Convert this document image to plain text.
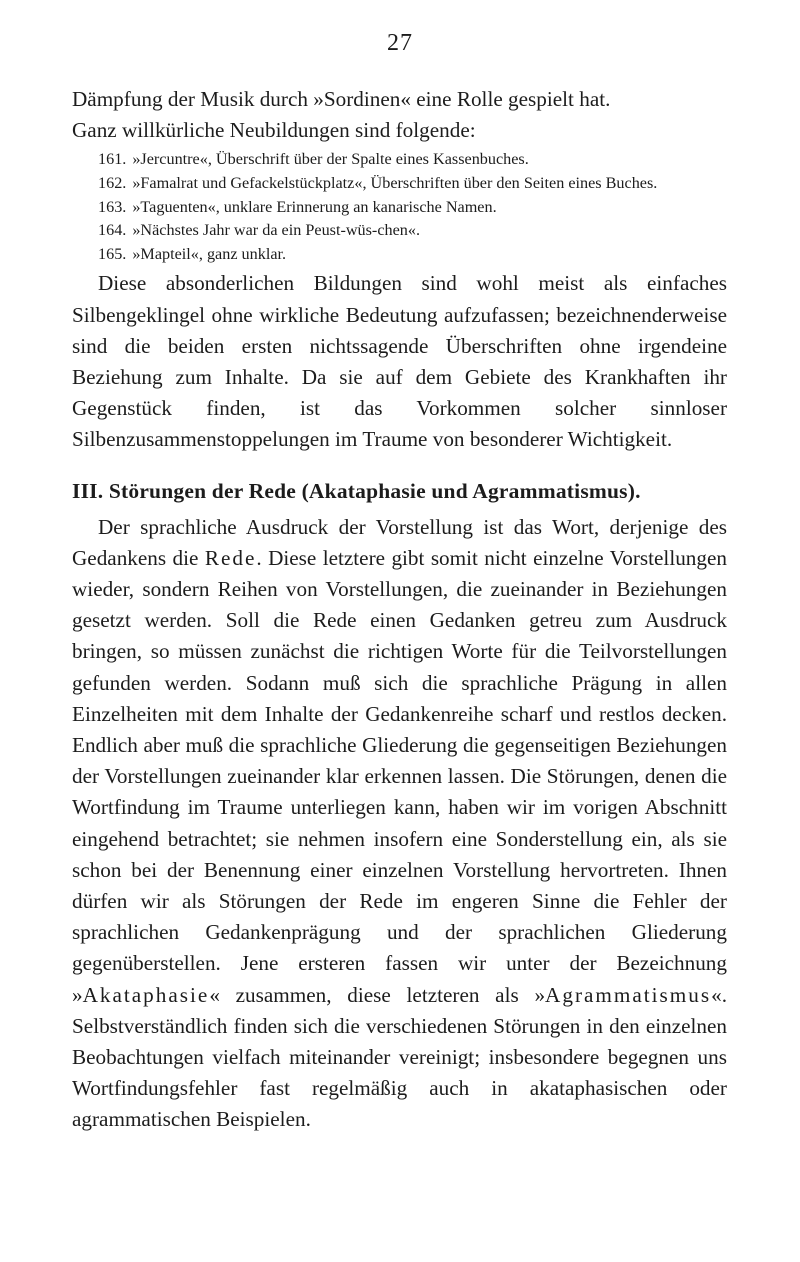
27

Dämpfung der Musik durch »Sordinen« eine Rolle gespielt hat.

Ganz willkürliche Neubildungen sind folgende:

161. »Jercuntre«, Überschrift über der Spalte eines Kassenbuches.

162. »Famalrat und Gefackelstückplatz«, Überschriften über den Seiten eines Buches.

163. »Taguenten«, unklare Erinnerung an kanarische Namen.

164. »Nächstes Jahr war da ein Peust-wüs-chen«.

165. »Mapteil«, ganz unklar.

Diese absonderlichen Bildungen sind wohl meist als einfaches Silbengeklingel ohne wirkliche Bedeutung aufzufassen; bezeichnenderweise sind die beiden ersten nichtssagende Überschriften ohne irgendeine Beziehung zum Inhalte. Da sie auf dem Gebiete des Krankhaften ihr Gegenstück finden, ist das Vorkommen solcher sinnloser Silbenzusammenstoppelungen im Traume von besonderer Wichtigkeit.

III. Störungen der Rede (Akataphasie und Agrammatismus).

Der sprachliche Ausdruck der Vorstellung ist das Wort, derjenige des Gedankens die Rede. Diese letztere gibt somit nicht einzelne Vorstellungen wieder, sondern Reihen von Vorstellungen, die zueinander in Beziehungen gesetzt werden. Soll die Rede einen Gedanken getreu zum Ausdruck bringen, so müssen zunächst die richtigen Worte für die Teilvorstellungen gefunden werden. Sodann muß sich die sprachliche Prägung in allen Einzelheiten mit dem Inhalte der Gedankenreihe scharf und restlos decken. Endlich aber muß die sprachliche Gliederung die gegenseitigen Beziehungen der Vorstellungen zueinander klar erkennen lassen. Die Störungen, denen die Wortfindung im Traume unterliegen kann, haben wir im vorigen Abschnitt eingehend betrachtet; sie nehmen insofern eine Sonderstellung ein, als sie schon bei der Benennung einer einzelnen Vorstellung hervortreten. Ihnen dürfen wir als Störungen der Rede im engeren Sinne die Fehler der sprachlichen Gedankenprägung und der sprachlichen Gliederung gegenüberstellen. Jene ersteren fassen wir unter der Bezeichnung »Akataphasie« zusammen, diese letzteren als »Agrammatismus«. Selbstverständlich finden sich die verschiedenen Störungen in den einzelnen Beobachtungen vielfach miteinander vereinigt; insbesondere begegnen uns Wortfindungsfehler fast regelmäßig auch in akataphasischen oder agrammatischen Beispielen.
